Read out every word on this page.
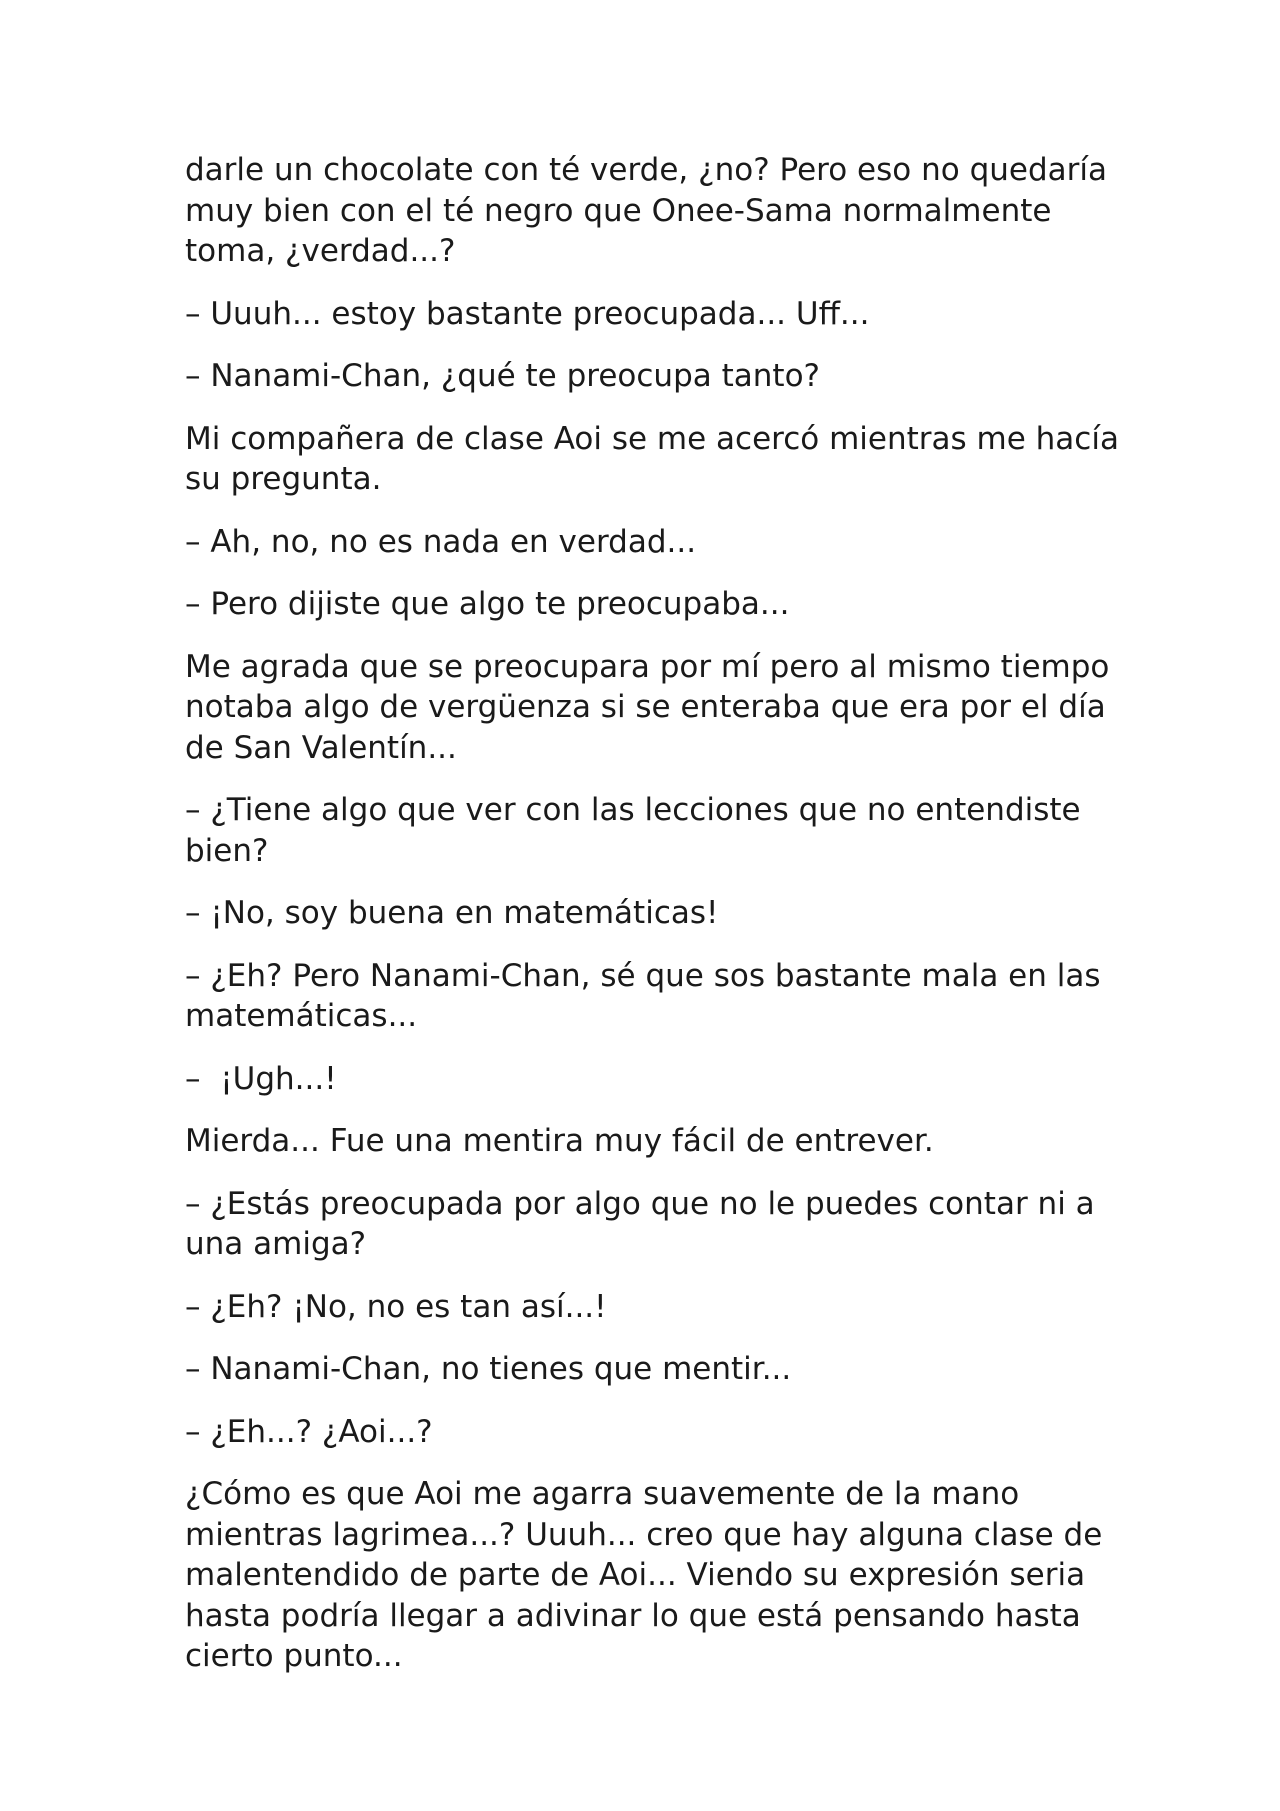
darle un chocolate con té verde, ¿no? Pero eso no quedaría muy bien con el té negro que Onee-Sama normalmente toma, ¿verdad...?

– Uuuh... estoy bastante preocupada... Uff...

– Nanami-Chan, ¿qué te preocupa tanto?

Mi compañera de clase Aoi se me acercó mientras me hacía su pregunta.

– Ah, no, no es nada en verdad...

– Pero dijiste que algo te preocupaba...

Me agrada que se preocupara por mí pero al mismo tiempo notaba algo de vergüenza si se enteraba que era por el día de San Valentín...

– ¿Tiene algo que ver con las lecciones que no entendiste bien?

– ¡No, soy buena en matemáticas!

– ¿Eh? Pero Nanami-Chan, sé que sos bastante mala en las matemáticas...

–  ¡Ugh...!

Mierda... Fue una mentira muy fácil de entrever.

– ¿Estás preocupada por algo que no le puedes contar ni a una amiga?

– ¿Eh? ¡No, no es tan así...!

– Nanami-Chan, no tienes que mentir...

– ¿Eh...? ¿Aoi...?

¿Cómo es que Aoi me agarra suavemente de la mano mientras lagrimea...? Uuuh... creo que hay alguna clase de malentendido de parte de Aoi... Viendo su expresión seria hasta podría llegar a adivinar lo que está pensando hasta cierto punto...
